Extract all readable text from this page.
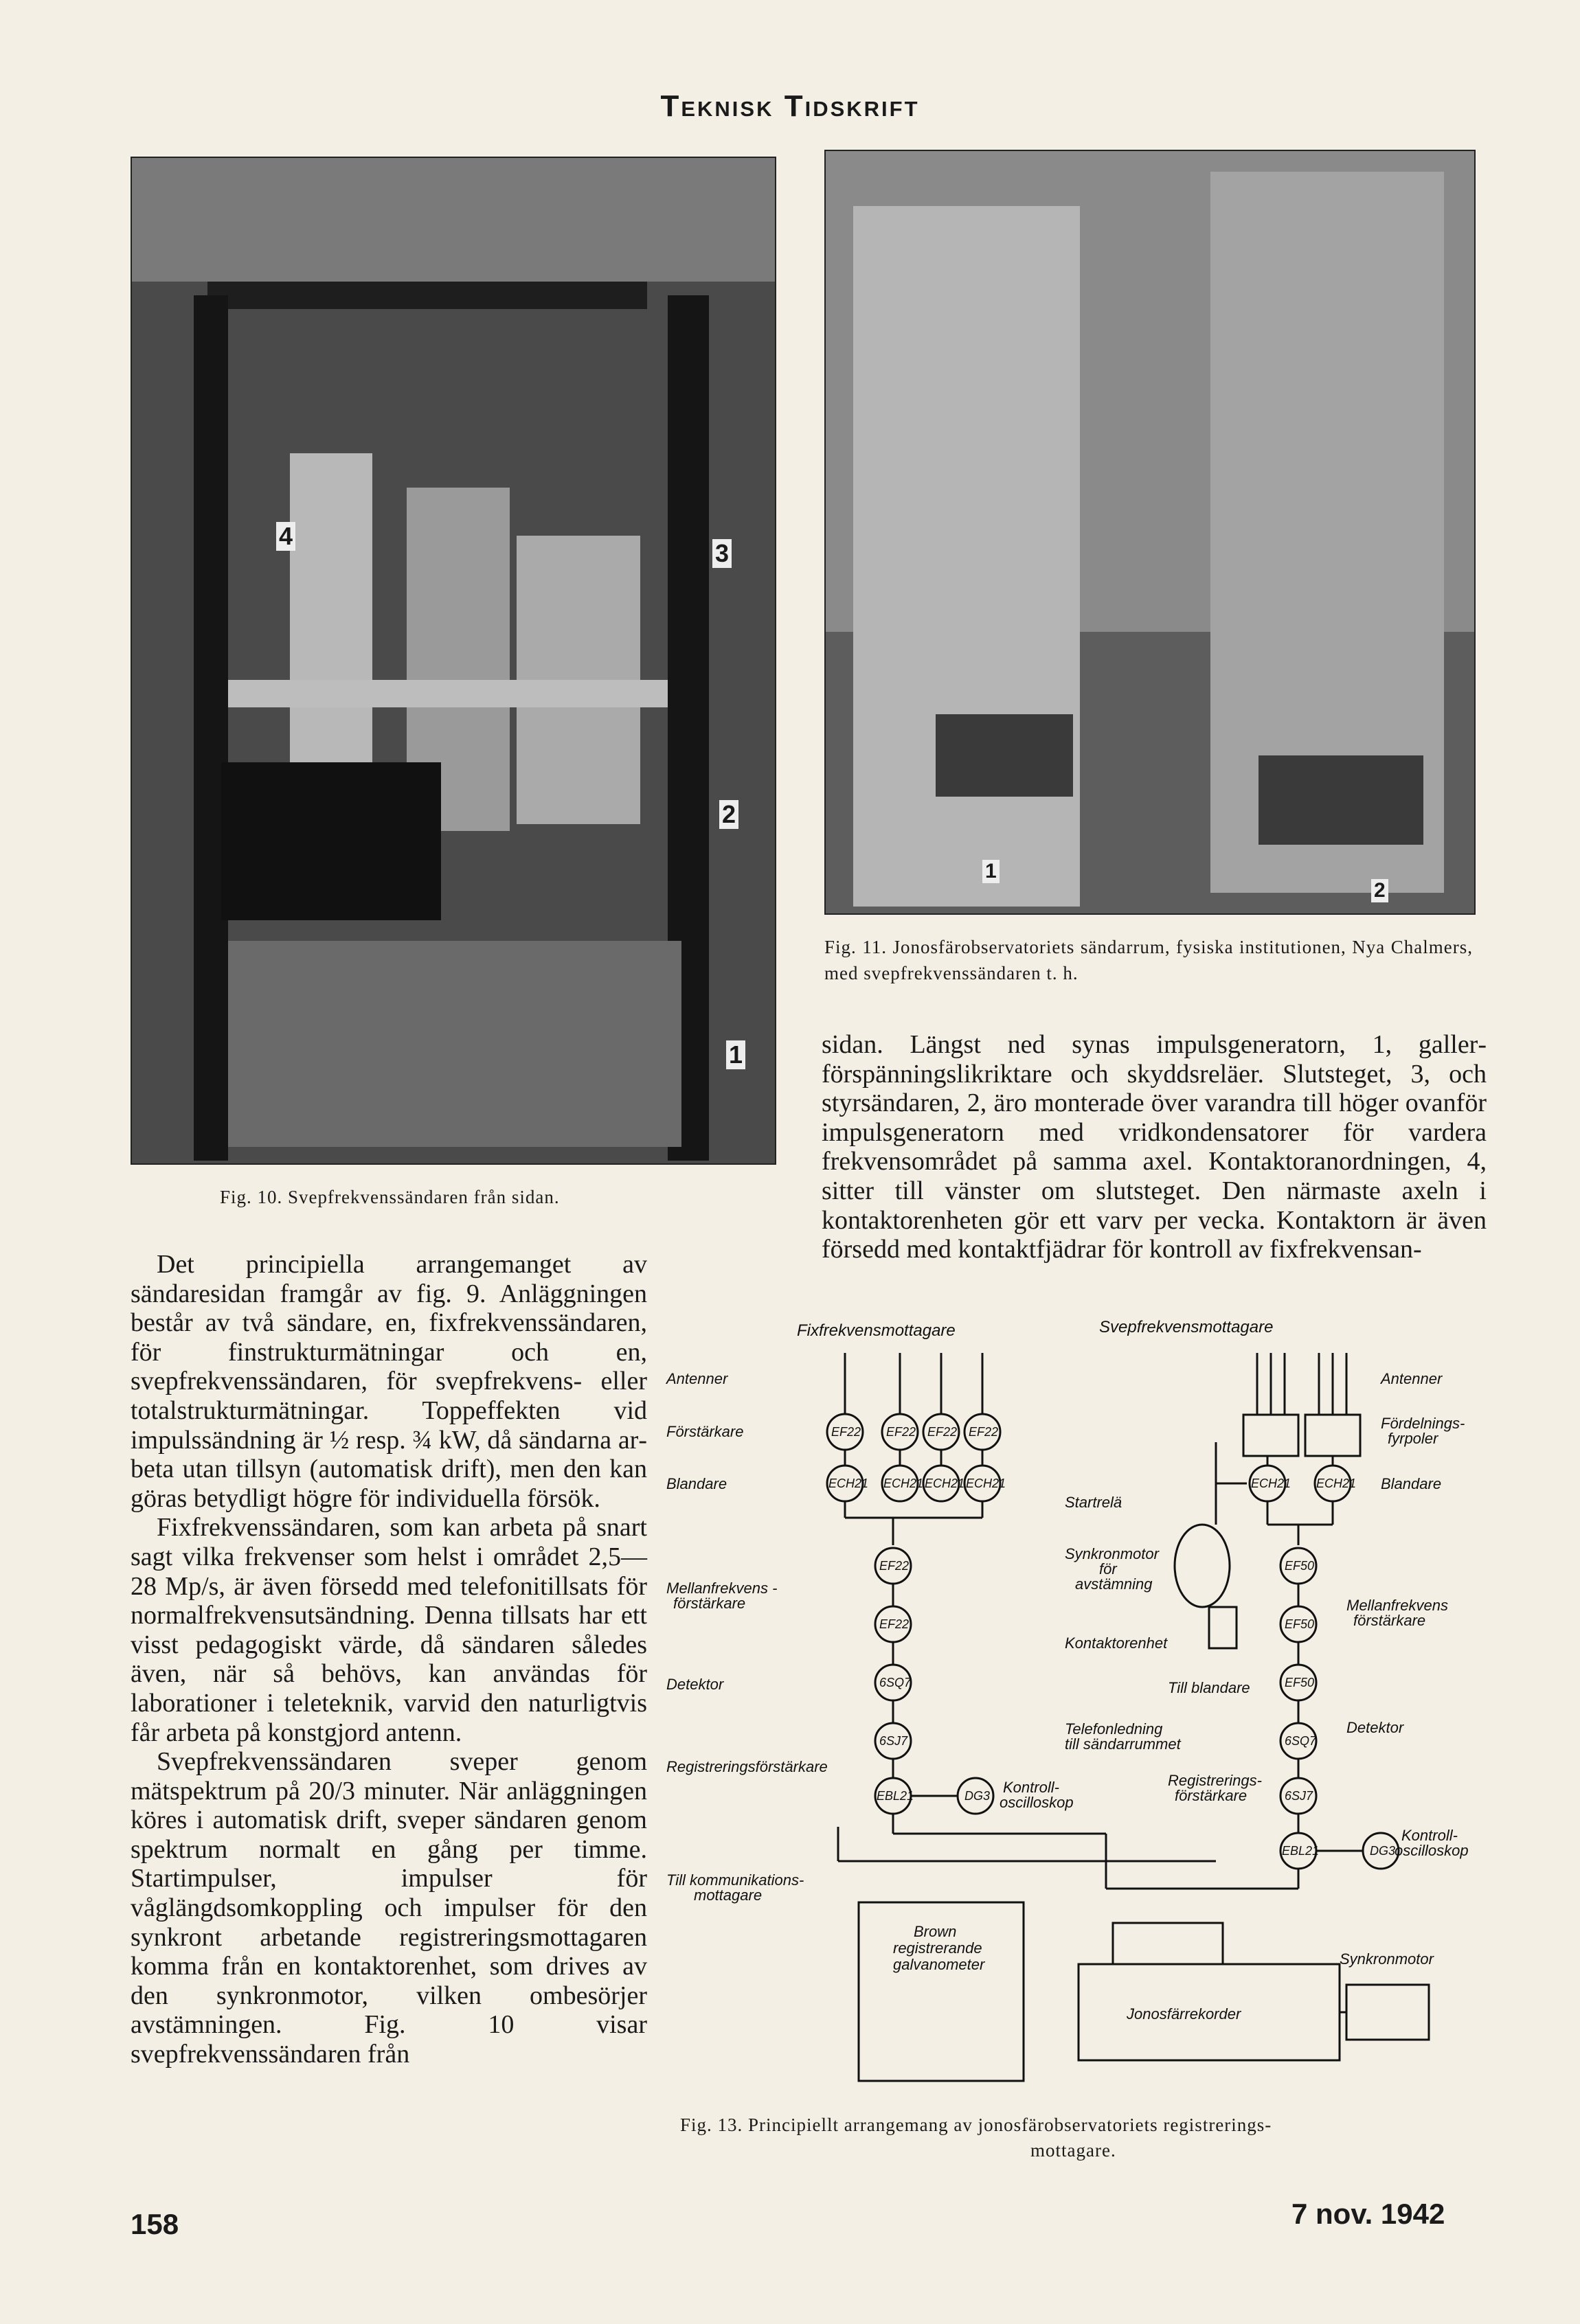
Teknisk Tidskrift
4
3
2
1
Fig. 10. Svepfrekvenssändaren från sidan.
1
2
Fig. 11. Jonosfärobservatoriets sändarrum, fysiska institutionen, Nya Chalmers, med svepfrekvenssändaren t. h.

sidan. Längst ned synas impulsgeneratorn, 1, gallerförspänningslikriktare och skyddsreläer. Slutsteget, 3, och styrsändaren, 2, äro monterade över varandra till höger ovanför impulsgeneratorn med vridkondensatorer för vardera frekvensområdet på samma axel. Kontaktoranordningen, 4, sitter till vänster om slutsteget. Den närmaste axeln i kontaktorenheten gör ett varv per vecka. Kontaktorn är även försedd med kontaktfjädrar för kontroll av fixfrekvensan-

Det principiella arrangemanget av sändaresidan framgår av fig. 9. Anläggningen består av två sändare, en, fixfrekvenssändaren, för finstrukturmätningar och en, svepfrekvenssändaren, för svepfrekvens- eller totalstrukturmätningar. Toppeffekten vid impulssändning är ½ resp. ¾ kW, då sändarna arbeta utan tillsyn (automatisk drift), men den kan göras betydligt högre för individuella försök.

Fixfrekvenssändaren, som kan arbeta på snart sagt vilka frekvenser som helst i området 2,5—28 Mp/s, är även försedd med telefonitillsats för normalfrekvensutsändning. Denna tillsats har ett visst pedagogiskt värde, då sändaren således även, när så behövs, kan användas för laborationer i teleteknik, varvid den naturligtvis får arbeta på konstgjord antenn.

Svepfrekvenssändaren sveper genom mätspektrum på 20/3 minuter. När anläggningen köres i automatisk drift, sveper sändaren genom spektrum normalt en gång per timme. Startimpulser, impulser för våglängdsomkoppling och impulser för den synkront arbetande registreringsmottagaren komma från en kontaktorenhet, som drives av den synkronmotor, vilken ombesörjer avstämningen. Fig. 10 visar svepfrekvenssändaren från

Fixfrekvensmottagare	Svepfrekvensmottagare
Antenner
Förstärkare
Blandare
Mellanfrekvens -
förstärkare
Detektor
Registreringsförstärkare
Kontroll-
oscilloskop
Till kommunikations-
mottagare
Antenner
Fördelnings-
fyrpoler
Blandare
Startrelä
Synkronmotor
för
avstämning
Kontaktorenhet
Till blandare
Mellanfrekvens
förstärkare
Telefonledning
till sändarrummet
Detektor
Registrerings-
förstärkare
Kontroll-
oscilloskop
Synkronmotor
Jonosfärrekorder
Brown
registrerande
galvanometer
EF22 EF22 EF22 EF22
ECH21 ECH21 ECH21 ECH21
EF22
EF22
6SQ7
6SJ7
EBL21	DG3
ECH21 ECH21
EF50
EF50
EF50
6SQ7
6SJ7
EBL21	DG3
Fig. 13. Principiellt arrangemang av jonosfärobservatoriets registrerings-
mottagare.
158	7 nov. 1942
